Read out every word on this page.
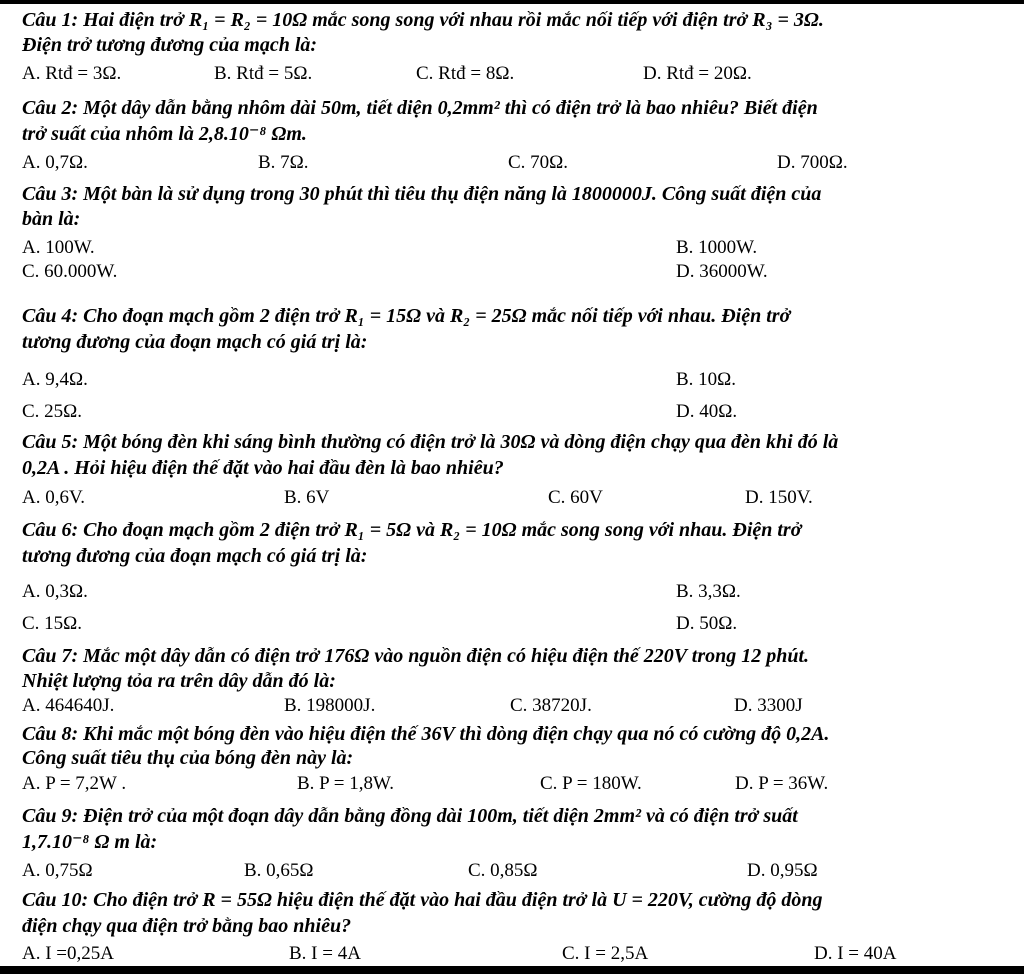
Câu 1: Hai điện trở R₁ = R₂ = 10Ω mắc song song với nhau rồi mắc nối tiếp với điện trở R₃ = 3Ω.
Điện trở tương đương của mạch là:
A. Rtđ = 3Ω.	B. Rtđ = 5Ω.	C. Rtđ = 8Ω.	D. Rtđ = 20Ω.
Câu 2: Một dây dẫn bằng nhôm dài 50m, tiết diện 0,2mm² thì có điện trở là bao nhiêu? Biết điện
trở suất của nhôm là 2,8.10⁻⁸ Ωm.
A. 0,7Ω.	B. 7Ω.	C. 70Ω.	D. 700Ω.
Câu 3: Một bàn là sử dụng trong 30 phút thì tiêu thụ điện năng là 1800000J. Công suất điện của
bàn là:
A. 100W.	B. 1000W.
C. 60.000W.	D. 36000W.
Câu 4: Cho đoạn mạch gồm 2 điện trở R₁ = 15Ω và R₂ = 25Ω mắc nối tiếp với nhau. Điện trở
tương đương của đoạn mạch có giá trị là:
A. 9,4Ω.	B. 10Ω.
C. 25Ω.	D. 40Ω.
Câu 5: Một bóng đèn khi sáng bình thường có điện trở là 30Ω và dòng điện chạy qua đèn khi đó là
0,2A . Hỏi hiệu điện thế đặt vào hai đầu đèn là bao nhiêu?
A. 0,6V.	B. 6V	C. 60V	D. 150V.
Câu 6: Cho đoạn mạch gồm 2 điện trở R₁ = 5Ω và R₂ = 10Ω mắc song song với nhau. Điện trở
tương đương của đoạn mạch có giá trị là:
A. 0,3Ω.	B. 3,3Ω.
C. 15Ω.	D. 50Ω.
Câu 7: Mắc một dây dẫn có điện trở 176Ω vào nguồn điện có hiệu điện thế 220V trong 12 phút.
Nhiệt lượng tỏa ra trên dây dẫn đó là:
A. 464640J.	B. 198000J.	C. 38720J.	D. 3300J
Câu 8: Khi mắc một bóng đèn vào hiệu điện thế 36V thì dòng điện chạy qua nó có cường độ 0,2A.
Công suất tiêu thụ của bóng đèn này là:
A. P = 7,2W .	B. P = 1,8W.	C. P = 180W.	D. P = 36W.
Câu 9: Điện trở của một đoạn dây dẫn bằng đồng dài 100m, tiết diện 2mm² và có điện trở suất
1,7.10⁻⁸ Ω m là:
A. 0,75Ω	B. 0,65Ω	C. 0,85Ω	D. 0,95Ω
Câu 10: Cho điện trở R = 55Ω hiệu điện thế đặt vào hai đầu điện trở là U = 220V, cường độ dòng
điện chạy qua điện trở bằng bao nhiêu?
A. I =0,25A	B. I = 4A	C. I = 2,5A	D. I = 40A
